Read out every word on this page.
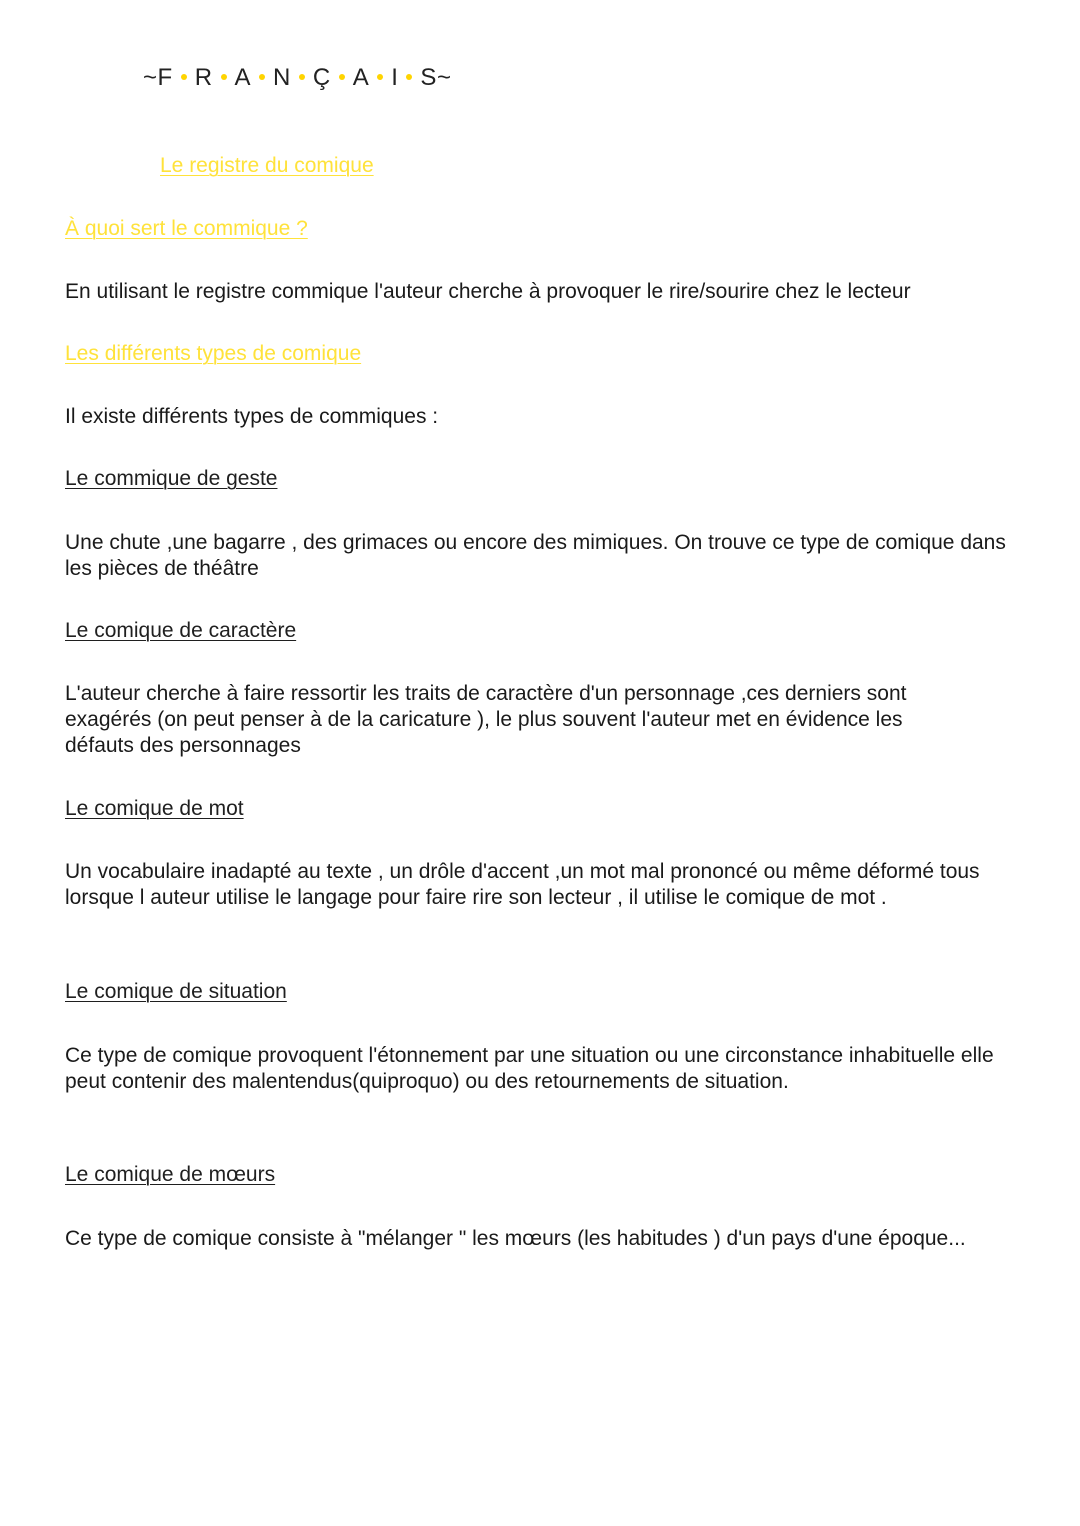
~ F R A N Ç A I S ~
Le registre du comique
À quoi sert le commique ?
En utilisant le registre commique l'auteur cherche à provoquer le rire/sourire chez le lecteur
Les différents types de comique
Il existe différents types de commiques :
Le commique de geste
Une chute ,une bagarre , des grimaces ou encore des mimiques. On trouve ce type de comique dans les pièces de théâtre
Le comique de caractère
L'auteur cherche à faire ressortir les traits de caractère d'un personnage ,ces derniers sont exagérés (on peut penser à de la caricature ), le plus souvent l'auteur met en évidence les défauts des personnages
Le comique de mot
Un vocabulaire inadapté au texte , un drôle d'accent ,un mot mal prononcé ou même déformé tous lorsque l auteur utilise le langage pour faire rire son lecteur , il utilise le comique de mot .
Le comique de situation
Ce type de comique provoquent l'étonnement par une situation ou une circonstance inhabituelle elle peut contenir des malentendus(quiproquo) ou des retournements de situation.
Le comique de mœurs
Ce type de comique consiste à "mélanger " les mœurs (les habitudes ) d'un pays d'une époque...
